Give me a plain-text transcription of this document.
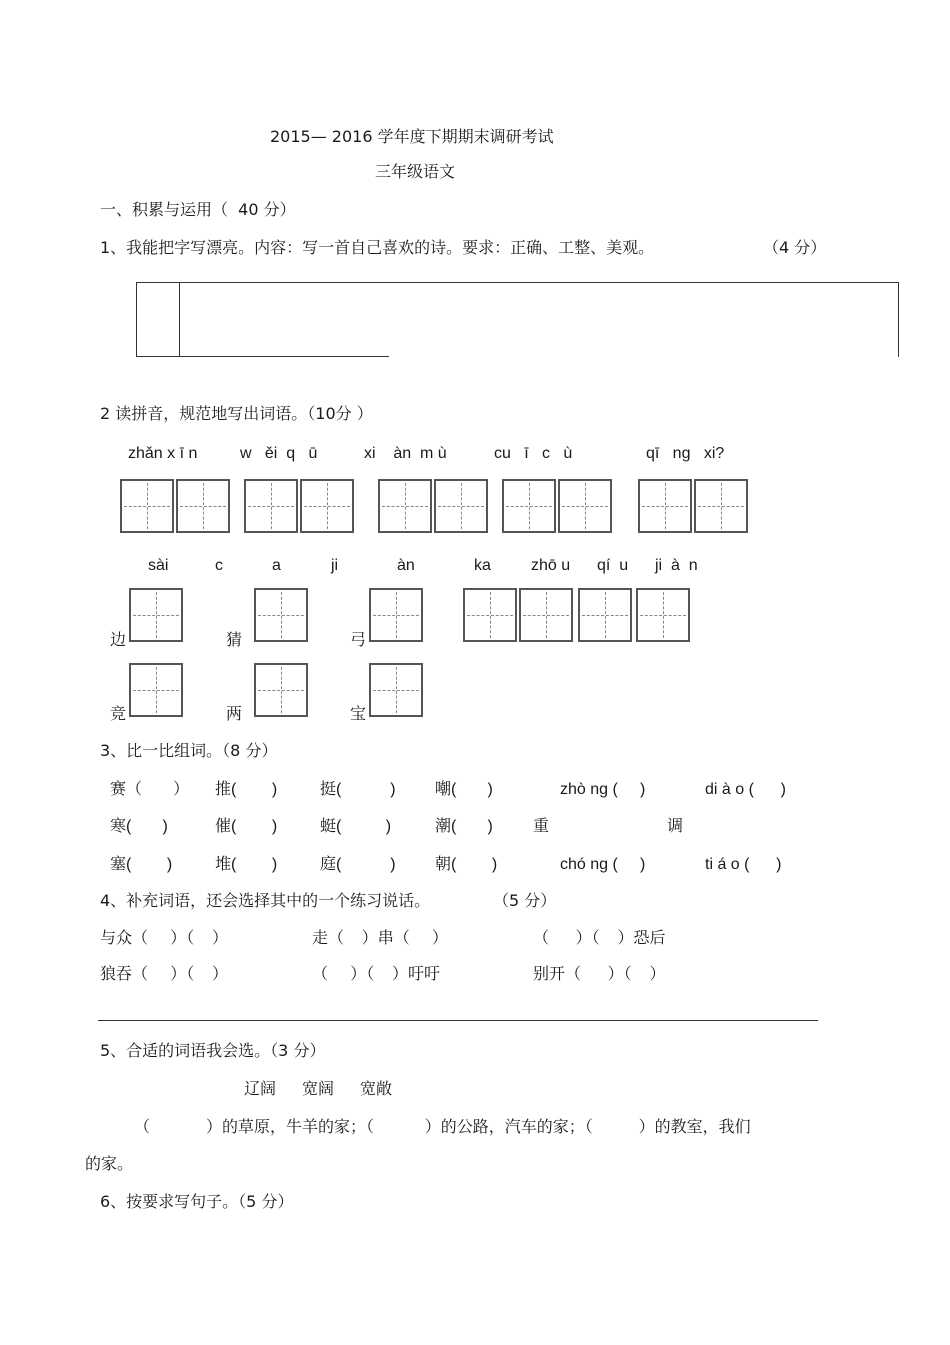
2015— 2016 学年度下期期末调研考试
三年级语文
一、积累与运用（  40 分）
1、我能把字写漂亮。内容：写一首自己喜欢的诗。要求：正确、工整、美观。	（4 分）
2 读拼音，规范地写出词语。（10分 ）
zhǎn x ī n	w   ěi  q   ū	xi    àn  m ù	cu   ī   c   ù	qī   ng   xi?
sài	c	a	ji	àn	ka	zhō u qí  u ji  à  n
边	猜	弓
竞	两	宝
3、比一比组词。（8 分）
赛（       ） 推(        )	挺(           ) 嘲(       )	zhò ng (     )	di à o (      )
寒(       )	催(        )	蜓(          )	潮(       )	重	调
塞(        )	堆(        )	庭(           ) 朝(        )	chó ng (     )	ti á o (      )
4、补充词语，还会选择其中的一个练习说话。	（5 分）
与众（     ）（    ）	走（    ）串（     ）	（      ）（    ）恐后
狼吞（     ）（    ）	（     ）（    ）吁吁	别开（      ）（    ）
5、合适的词语我会选。（3 分）
辽阔 宽阔 宽敞
（           ）的草原，牛羊的家；（          ）的公路，汽车的家；（         ）的教室，我们
的家。
6、按要求写句子。（5 分）
